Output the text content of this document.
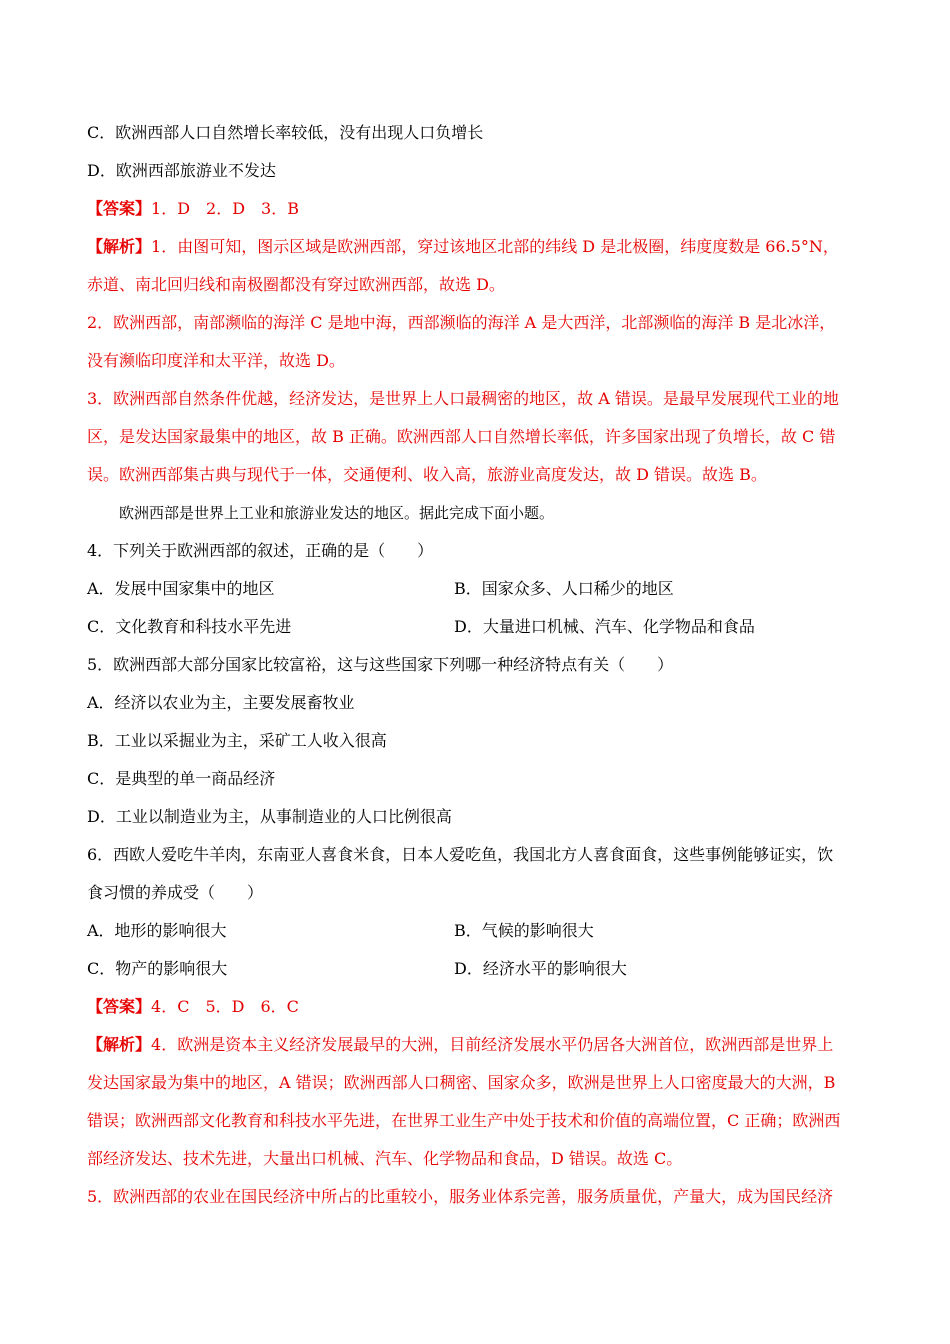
C．欧洲西部人口自然增长率较低，没有出现人口负增长
D．欧洲西部旅游业不发达
【答案】1．D　2．D　3．B
【解析】1．由图可知，图示区域是欧洲西部，穿过该地区北部的纬线 D 是北极圈，纬度度数是 66.5°N，
赤道、南北回归线和南极圈都没有穿过欧洲西部，故选 D。
2．欧洲西部，南部濒临的海洋 C 是地中海，西部濒临的海洋 A 是大西洋，北部濒临的海洋 B 是北冰洋，
没有濒临印度洋和太平洋，故选 D。
3．欧洲西部自然条件优越，经济发达，是世界上人口最稠密的地区，故 A 错误。是最早发展现代工业的地
区，是发达国家最集中的地区，故 B 正确。欧洲西部人口自然增长率低，许多国家出现了负增长，故 C 错
误。欧洲西部集古典与现代于一体，交通便利、收入高，旅游业高度发达，故 D 错误。故选 B。
欧洲西部是世界上工业和旅游业发达的地区。据此完成下面小题。
4．下列关于欧洲西部的叙述，正确的是（　　）
A．发展中国家集中的地区	B．国家众多、人口稀少的地区
C．文化教育和科技水平先进	D．大量进口机械、汽车、化学物品和食品
5．欧洲西部大部分国家比较富裕，这与这些国家下列哪一种经济特点有关（　　）
A．经济以农业为主，主要发展畜牧业
B．工业以采掘业为主，采矿工人收入很高
C．是典型的单一商品经济
D．工业以制造业为主，从事制造业的人口比例很高
6．西欧人爱吃牛羊肉，东南亚人喜食米食，日本人爱吃鱼，我国北方人喜食面食，这些事例能够证实，饮
食习惯的养成受（　　）
A．地形的影响很大	B．气候的影响很大
C．物产的影响很大	D．经济水平的影响很大
【答案】4．C　5．D　6．C
【解析】4．欧洲是资本主义经济发展最早的大洲，目前经济发展水平仍居各大洲首位，欧洲西部是世界上
发达国家最为集中的地区，A 错误；欧洲西部人口稠密、国家众多，欧洲是世界上人口密度最大的大洲，B
错误；欧洲西部文化教育和科技水平先进，在世界工业生产中处于技术和价值的高端位置，C 正确；欧洲西
部经济发达、技术先进，大量出口机械、汽车、化学物品和食品，D 错误。故选 C。
5．欧洲西部的农业在国民经济中所占的比重较小，服务业体系完善，服务质量优，产量大，成为国民经济
